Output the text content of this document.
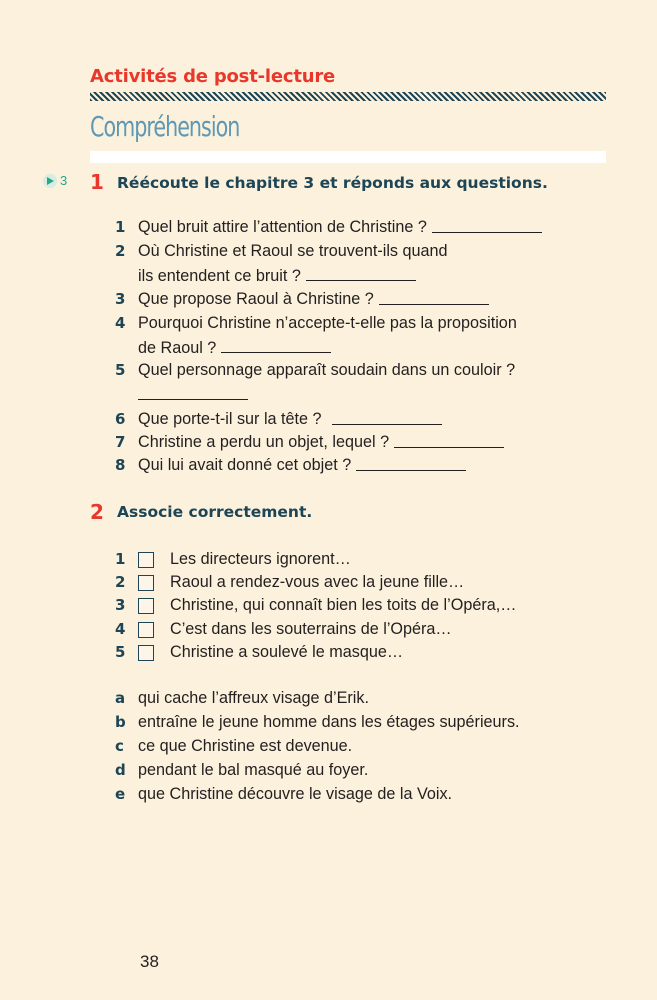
Activités de post-lecture
Compréhension
3 1 Réécoute le chapitre 3 et réponds aux questions.
1 Quel bruit attire l’attention de Christine ?
2 Où Christine et Raoul se trouvent-ils quand
ils entendent ce bruit ?
3 Que propose Raoul à Christine ?
4 Pourquoi Christine n’accepte-t-elle pas la proposition
de Raoul ?
5 Quel personnage apparaît soudain dans un couloir ?
6 Que porte-t-il sur la tête ?
7 Christine a perdu un objet, lequel ?
8 Qui lui avait donné cet objet ?
2 Associe correctement.
1	Les directeurs ignorent…
2	Raoul a rendez-vous avec la jeune fille…
3	Christine, qui connaît bien les toits de l’Opéra,…
4	C’est dans les souterrains de l’Opéra…
5	Christine a soulevé le masque…
a qui cache l’affreux visage d’Erik.
b entraîne le jeune homme dans les étages supérieurs.
c ce que Christine est devenue.
d pendant le bal masqué au foyer.
e que Christine découvre le visage de la Voix.
38
